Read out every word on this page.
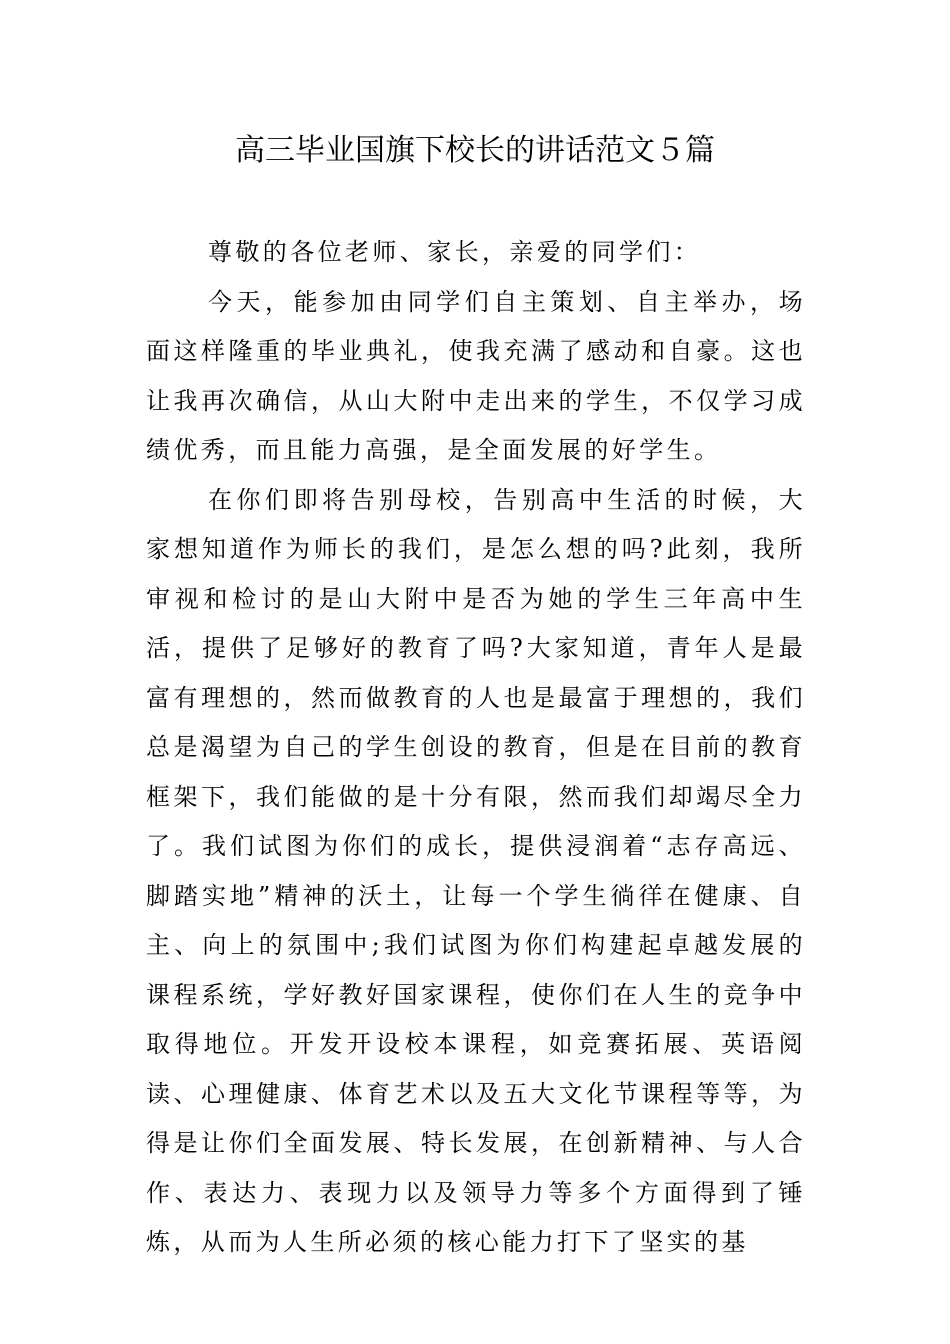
高三毕业国旗下校长的讲话范文５篇

尊敬的各位老师、家长，亲爱的同学们：

今天，能参加由同学们自主策划、自主举办，场面这样隆重的毕业典礼，使我充满了感动和自豪。这也让我再次确信，从山大附中走出来的学生，不仅学习成绩优秀，而且能力高强，是全面发展的好学生。

在你们即将告别母校，告别高中生活的时候，大家想知道作为师长的我们，是怎么想的吗?此刻，我所审视和检讨的是山大附中是否为她的学生三年高中生活，提供了足够好的教育了吗?大家知道，青年人是最富有理想的，然而做教育的人也是最富于理想的，我们总是渴望为自己的学生创设的教育，但是在目前的教育框架下，我们能做的是十分有限，然而我们却竭尽全力了。我们试图为你们的成长，提供浸润着“志存高远、脚踏实地”精神的沃土，让每一个学生徜徉在健康、自主、向上的氛围中;我们试图为你们构建起卓越发展的课程系统，学好教好国家课程，使你们在人生的竞争中取得地位。开发开设校本课程，如竞赛拓展、英语阅读、心理健康、体育艺术以及五大文化节课程等等，为得是让你们全面发展、特长发展，在创新精神、与人合作、表达力、表现力以及领导力等多个方面得到了锤炼，从而为人生所必须的核心能力打下了坚实的基
